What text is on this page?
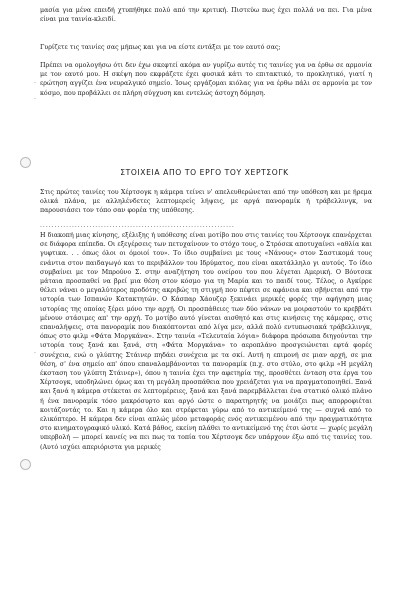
μασία για μένα επειδή χτυπήθηκε πολύ από την κριτική. Πιστεύω πως έχει πολλά να πει. Για μένα είναι μια ταινία-κλειδί.

Γυρίζετε τις ταινίες σας μήπως και για να είστε εντάξει με τον εαυτό σας;

Πρέπει να ομολογήσω ότι δεν έχω σκεφτεί ακόμα αν γυρίζω αυτές τις ταινίες για να έρθω σε αρμονία με τον εαυτό μου. Η σκέψη που εκφράζετε έχει φυσικά κάτι το επιτακτικό, το προκλητικό, γιατί η ερώτηση αγγίζει ένα νευραλγικό σημείο. Ίσως εργάζομαι κιόλας για να έρθω πάλι σε αρμονία με τον κόσμο, που προβάλλει σε πλήρη σύγχυση και εντελώς άστοχη δόμηση.

ΣΤΟΙΧΕΙΑ ΑΠΟ ΤΟ ΕΡΓΟ ΤΟΥ ΧΕΡΤΣΟΓΚ

Στις πρώτες ταινίες του Χέρτσογκ η κάμερα τείνει ν' απελευθερώνεται από την υπόθεση και με ήρεμα ολικά πλάνα, με αλληλένδετες λεπτομερείς λήψεις, με αργά πανοραμίκ ή τράβελλινγκ, να παρουσιάσει τον τόπο σαν φορέα της υπόθεσης.

...................................................................

Η διακοπή μιας κίνησης, εξέλιξης ή υπόθεσης είναι μοτίβο που στις ταινίες του Χέρτσογκ επανέρχεται σε διάφορα επίπεδα. Οι εξεγέρσεις των πετυχαίνουν το στόχο τους, ο Στρόσεκ αποτυχαίνει «αθλία και γυφτικα. . . όπως όλοι οι όμοιοί του». Το ίδιο συμβαίνει με τους «Νάνους» στον Σαστικομά τους ενάντια στον παιδαγωγό και το περιβάλλον του Ιδρύματος, που είναι ακατάλληλο γι αυτούς. Το ίδιο συμβαίνει με τον Μπρούνο Σ. στην αναζήτηση του ονείρου του που λέγεται Αμερική. Ο Βόυτσεκ μάταια προσπαθεί να βρεί μια θέση στον κόσμο για τη Μαρία και το παιδί τους. Τέλος, ο Αγκίρρε θέλει νάναι ο μεγαλύτερος προδότης ακριβώς τη στιγμή που πέφτει σε αφάνεια και σβήνεται από την ιστορία των Ισπανών Κατακτητών. Ο Κάσπαρ Χάουζερ ξεκινάει μερικές φορές την αφήγηση μιας ιστορίας της οποίας ξέρει μόνο την αρχή. Οι προσπάθειες των δύο νάνων να μοιραστούν το κρεββάτι μένουν στάσιμες απ' την αρχή. Το μοτίβο αυτό γίνεται αισθητό και στις κινήσεις της κάμερας, στις επαναλήψεις, στα πανοραμίκ που διακόπτονται από λίγα μεν, αλλά πολύ εντυπωσιακά τράβελλινγκ, όπως στο φιλμ «Φάτα Μοργκάνα». Στην ταινία «Τελευταία λόγια» διάφορα πρόσωπα διηγούνται την ιστορία τους ξανά και ξανά, στη «Φάτα Μοργκάνα» το αεροπλάνο προσγειώνεται εφτά φορές συνέχεια, ενώ ο γλύπτης Στάινερ πηδάει συνέχεια με τα σκί. Αυτή η επιμονή σε μιαν αρχή, σε μια θέση, σ' ένα σημείο απ' όπου επαναλαμβάνονται τα πανοραμίκ (π.χ. στο στύλο, στο φιλμ «Η μεγάλη έκσταση του γλύπτη Στάινερ»), όπου η ταινία έχει την αφετηρία της, προσθέτει ένταση στα έργα του Χέρτσογκ, υποδηλώνει όμως και τη μεγάλη προσπάθεια που χρειάζεται για να πραγματοποιηθεί. Ξανά και ξανά η κάμερα στέκεται σε λεπτομέρειες, ξανά και ξανά παρεμβάλλεται ένα στατικό ολικό πλάνο ή ένα πανοραμίκ τόσο μακρόσυρτο και αργό ώστε ο παρατηρητής να μοιάζει πως απορροφιέται κοιτάζοντάς το. Και η κάμερα όλο και στρέφεται γύρω από το αντικείμενό της — συχνά από το ελικόπτερο. Η κάμερα δεν είναι απλώς μέσο μεταφοράς ενός αντικειμένου από την πραγματικότητα στο κινηματογραφικό υλικό. Κατά βάθος, εκείνη πλάθει το αντικείμενό της έτσι ώστε — χωρίς μεγάλη υπερβολή — μπορεί κανείς να πει πως τα τοπία του Χέρτσογκ δεν υπάρχουν έξω από τις ταινίες του. (Αυτό ισχύει απεριόριστα για μερικές

·
·
·
